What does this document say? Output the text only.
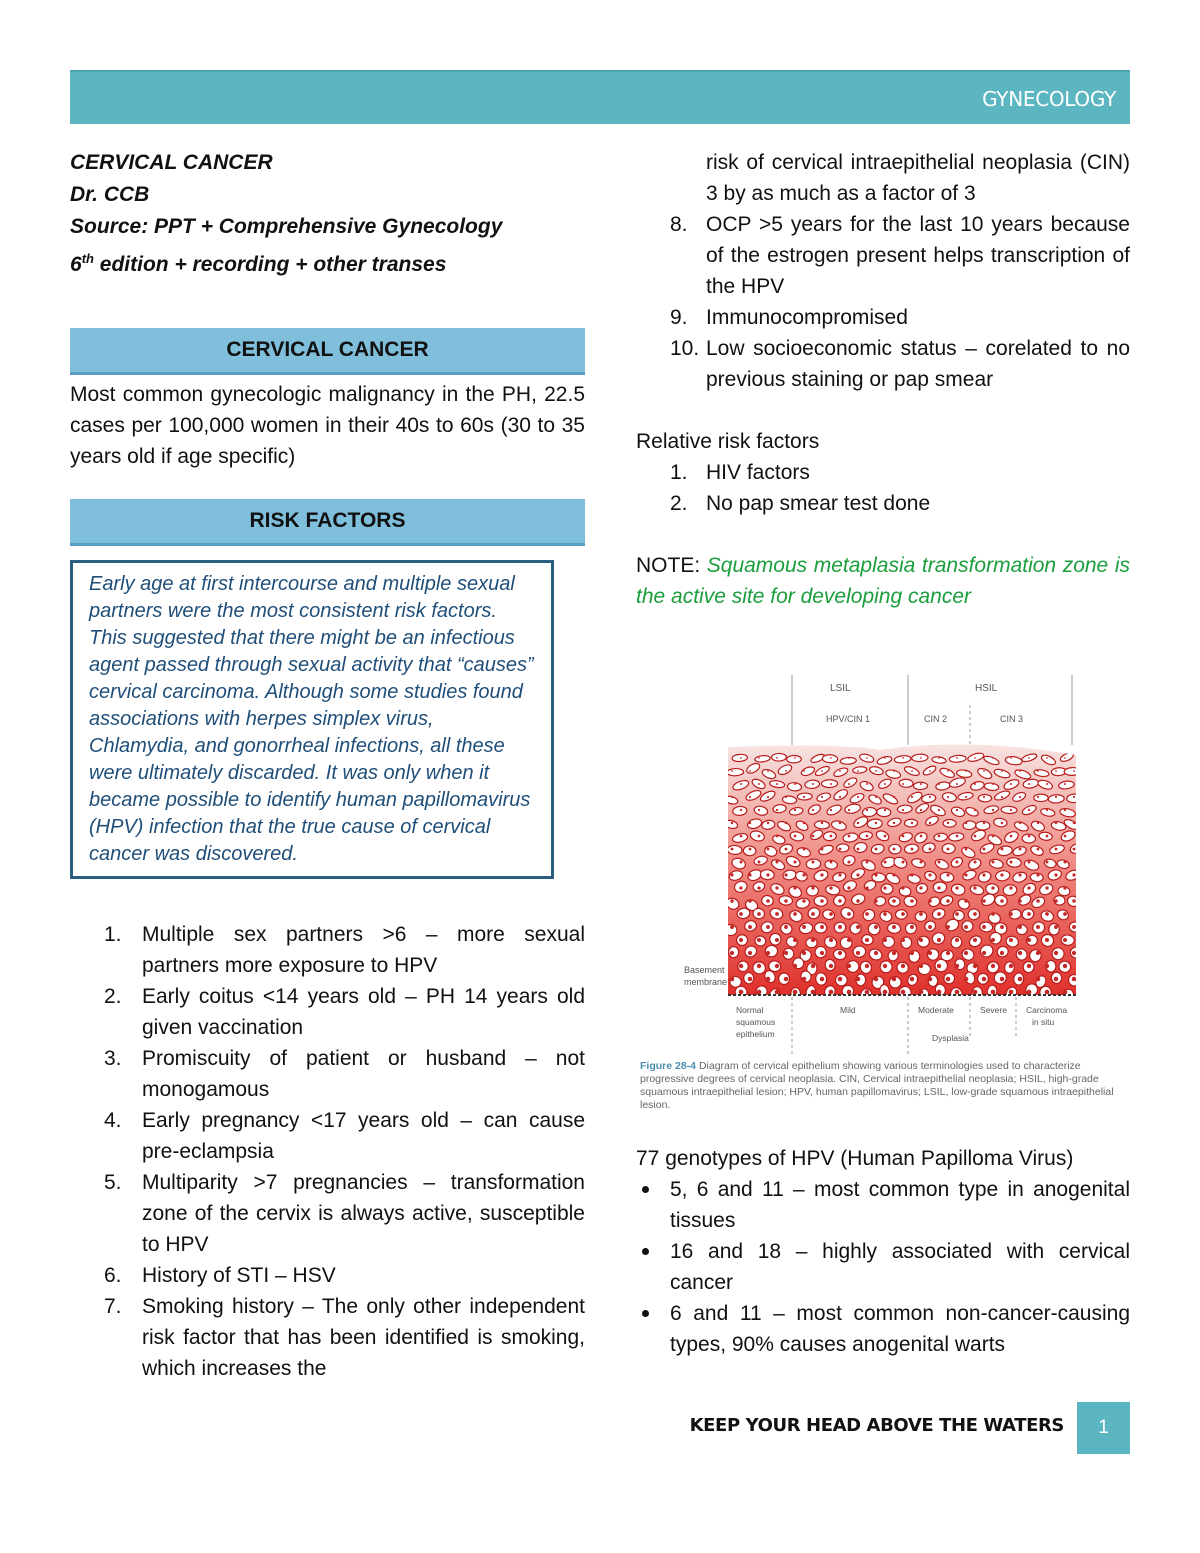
GYNECOLOGY
CERVICAL CANCER
Dr. CCB
Source: PPT + Comprehensive Gynecology
6th edition + recording + other transes
CERVICAL CANCER

Most common gynecologic malignancy in the PH, 22.5 cases per 100,000 women in their 40s to 60s (30 to 35 years old if age specific)

RISK FACTORS
Early age at first intercourse and multiple sexual partners were the most consistent risk factors. This suggested that there might be an infectious agent passed through sexual activity that “causes” cervical carcinoma. Although some studies found associations with herpes simplex virus, Chlamydia, and gonorrheal infections, all these were ultimately discarded. It was only when it became possible to identify human papillomavirus (HPV) infection that the true cause of cervical cancer was discovered.
1. Multiple sex partners >6 – more sexual partners more exposure to HPV
2. Early coitus <14 years old – PH 14 years old given vaccination
3. Promiscuity of patient or husband – not monogamous
4. Early pregnancy <17 years old – can cause pre-eclampsia
5. Multiparity >7 pregnancies – transformation zone of the cervix is always active, susceptible to HPV
6. History of STI – HSV
7. Smoking history – The only other independent risk factor that has been identified is smoking, which increases the
risk of cervical intraepithelial neoplasia (CIN) 3 by as much as a factor of 3
8. OCP >5 years for the last 10 years because of the estrogen present helps transcription of the HPV
9. Immunocompromised
10. Low socioeconomic status – corelated to no previous staining or pap smear
Relative risk factors
1. HIV factors
2. No pap smear test done

NOTE: Squamous metaplasia transformation zone is the active site for developing cancer

LSIL	HSIL
HPV/CIN 1	CIN 2	CIN 3
Basement
membrane
Normal
squamous
epithelium
Mild	Moderate	Severe Carcinoma
in situ
Dysplasia
Figure 28-4 Diagram of cervical epithelium showing various terminologies used to characterize progressive degrees of cervical neoplasia. CIN, Cervical intraepithelial neoplasia; HSIL, high-grade squamous intraepithelial lesion; HPV, human papillomavirus; LSIL, low-grade squamous intraepithelial lesion.
77 genotypes of HPV (Human Papilloma Virus)
5, 6 and 11 – most common type in anogenital tissues
16 and 18 – highly associated with cervical cancer
6 and 11 – most common non-cancer-causing types, 90% causes anogenital warts
KEEP YOUR HEAD ABOVE THE WATERS	1
